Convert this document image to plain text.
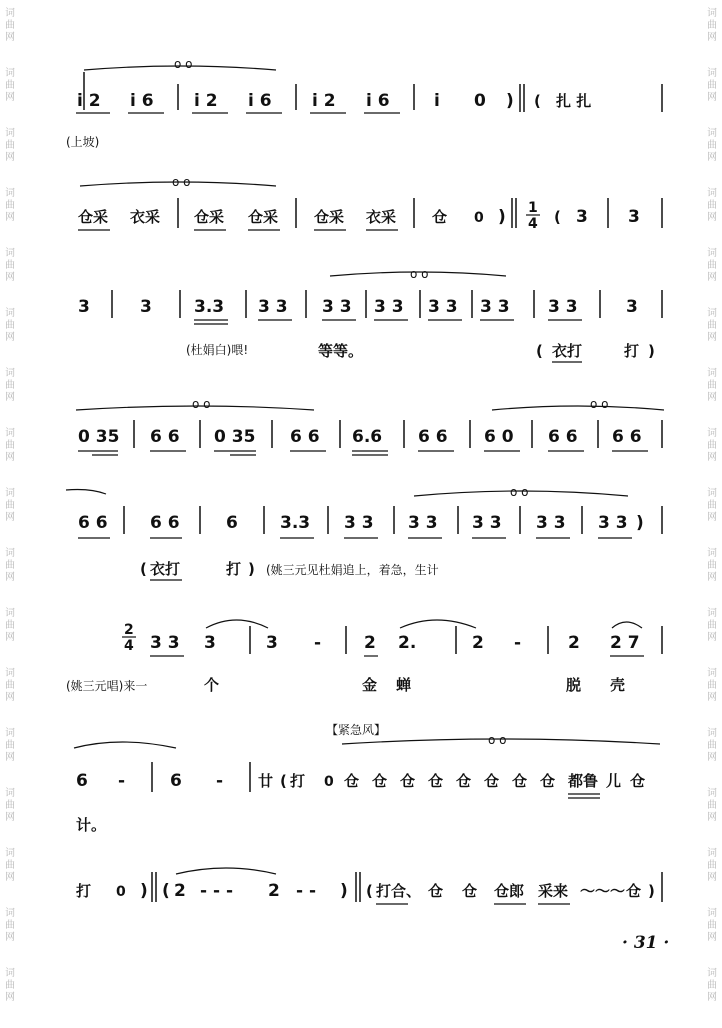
词曲网
词曲网
词曲网
词曲网
词曲网
词曲网
词曲网
词曲网
词曲网
词曲网
词曲网
词曲网
词曲网
词曲网
词曲网
词曲网
词曲网
词曲网
词曲网
词曲网
词曲网
词曲网
词曲网
词曲网
词曲网
词曲网
词曲网
词曲网
词曲网
词曲网
词曲网
词曲网
词曲网
词曲网
o o
i 2 i 6 i 2 i 6 i 2 i 6	i 0 ) ( 扎 扎
(上坡)
o o
仓采 衣采 仓采 仓采 仓采 衣采 仓 0 ) 1
4 ( 3 3
o o
3	3 3.3 3 3 3 3 3 3 3 3 3 3 3 3	3
(杜娟白)喂!	等等。	( 衣打	打 )
o o	o o
0 35 6 6 0 35 6 6 6.6 6 6 6 0 6 6 6 6
o o
6 6 6 6	6 3.3 3 3 3 3 3 3 3 3 3 3 )
( 衣打	打 ) (姚三元见杜娟追上，着急，生计
2
4 3 3 3	3 -	2 2.	2 -	2 2 7
(姚三元唱)来一	个	金 蝉	脱 壳
【紧急风】
o o
6 -	6 - 廿 ( 打 0 仓 仓 仓 仓 仓 仓 仓 仓 都鲁 儿 仓
计。
打 0 ) ( 2 - - - 2 - - ) ( 打合、 仓 仓 仓郎 采来 〜〜〜 仓 )
· 31 ·
